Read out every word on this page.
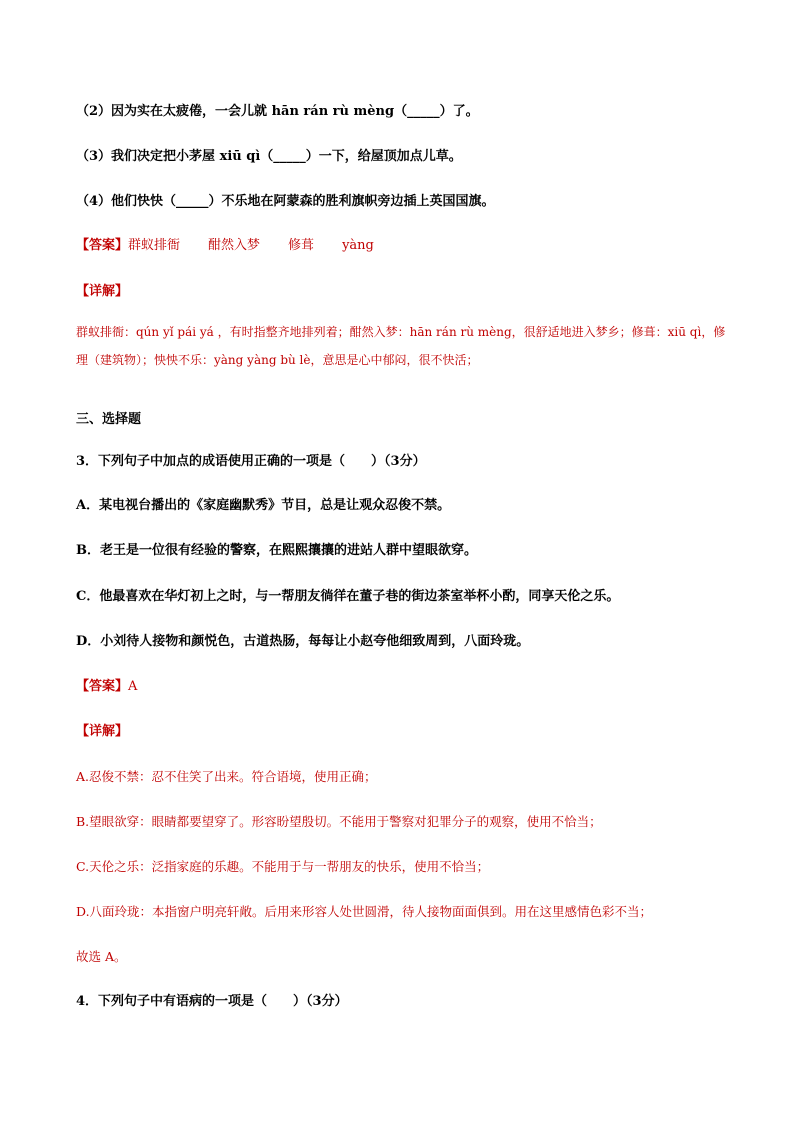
（2）因为实在太疲倦，一会儿就 hān rán rù mèng（_____）了。
（3）我们决定把小茅屋 xiū qì（_____）一下，给屋顶加点儿草。
（4）他们快快（_____）不乐地在阿蒙森的胜利旗帜旁边插上英国国旗。
【答案】群蚁排衙 酣然入梦 修葺 yàng
【详解】
群蚁排衙：qún yǐ pái yá ，有时指整齐地排列着；酣然入梦：hān rán rù mèng，很舒适地进入梦乡；修葺：xiū qì，修理（建筑物）；怏怏不乐：yàng yàng bù lè，意思是心中郁闷，很不快活；
三、选择题
3．下列句子中加点的成语使用正确的一项是（　　）（3分）
A．某电视台播出的《家庭幽默秀》节目，总是让观众忍俊不禁。
B．老王是一位很有经验的警察，在熙熙攘攘的进站人群中望眼欲穿。
C．他最喜欢在华灯初上之时，与一帮朋友徜徉在董子巷的街边茶室举杯小酌，同享天伦之乐。
D．小刘待人接物和颜悦色，古道热肠，每每让小赵夸他细致周到，八面玲珑。
【答案】A
【详解】
A.忍俊不禁：忍不住笑了出来。符合语境，使用正确；
B.望眼欲穿：眼睛都要望穿了。形容盼望殷切。不能用于警察对犯罪分子的观察，使用不恰当；
C.天伦之乐：泛指家庭的乐趣。不能用于与一帮朋友的快乐，使用不恰当；
D.八面玲珑：本指窗户明亮轩敞。后用来形容人处世圆滑，待人接物面面俱到。用在这里感情色彩不当；
故选 A。
4．下列句子中有语病的一项是（　　）（3分）
